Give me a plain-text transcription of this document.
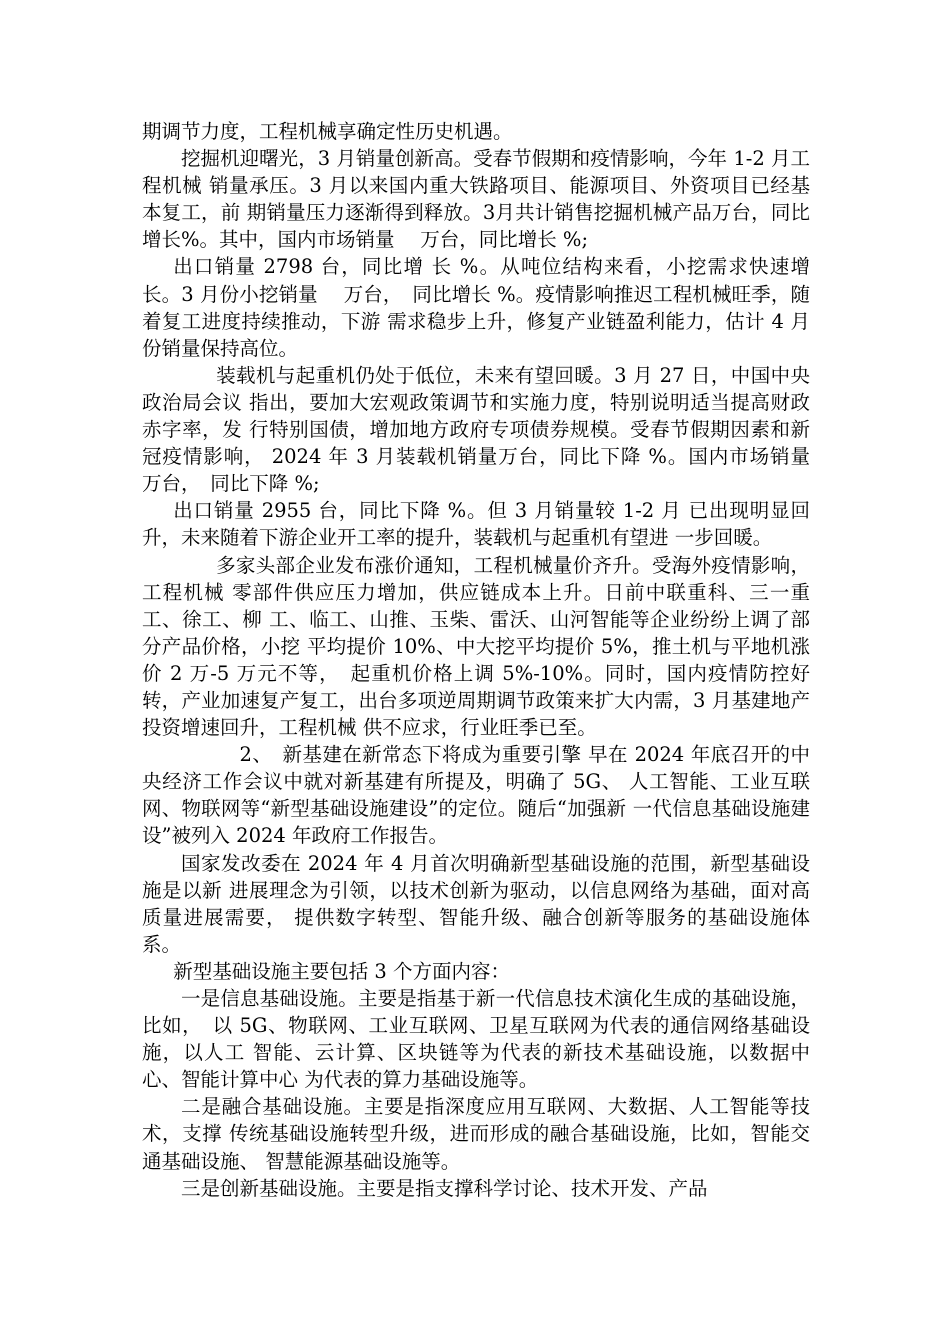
期调节力度，工程机械享确定性历史机遇。

挖掘机迎曙光，3 月销量创新高。受春节假期和疫情影响，今年 1-2 月工程机械 销量承压。3 月以来国内重大铁路项目、能源项目、外资项目已经基本复工，前 期销量压力逐渐得到释放。3月共计销售挖掘机械产品万台，同比增长%。其中，国内市场销量　 万台，同比增长 %;

出口销量 2798 台，同比增 长 %。从吨位结构来看，小挖需求快速增长。3 月份小挖销量　 万台，　同比增长 %。疫情影响推迟工程机械旺季，随着复工进度持续推动，下游 需求稳步上升，修复产业链盈利能力，估计 4 月份销量保持高位。

装载机与起重机仍处于低位，未来有望回暖。3 月 27 日，中国中央政治局会议 指出，要加大宏观政策调节和实施力度，特别说明适当提高财政赤字率，发 行特别国债，增加地方政府专项债券规模。受春节假期因素和新冠疫情影响， 2024 年 3 月装载机销量万台，同比下降 %。国内市场销量　 万台，　同比下降 %;

出口销量 2955 台，同比下降 %。但 3 月销量较 1-2 月 已出现明显回升，未来随着下游企业开工率的提升，装载机与起重机有望进 一步回暖。

多家头部企业发布涨价通知，工程机械量价齐升。受海外疫情影响，工程机械 零部件供应压力增加，供应链成本上升。日前中联重科、三一重工、徐工、柳 工、临工、山推、玉柴、雷沃、山河智能等企业纷纷上调了部分产品价格，小挖 平均提价 10%、中大挖平均提价 5%，推土机与平地机涨价 2 万-5 万元不等，　起重机价格上调 5%-10%。同时，国内疫情防控好转，产业加速复产复工，出台多项逆周期调节政策来扩大内需，3 月基建地产投资增速回升，工程机械 供不应求，行业旺季已至。

2、　新基建在新常态下将成为重要引擎 早在 2024 年底召开的中央经济工作会议中就对新基建有所提及，明确了 5G、 人工智能、工业互联网、物联网等“新型基础设施建设”的定位。随后“加强新 一代信息基础设施建设”被列入 2024 年政府工作报告。

国家发改委在 2024 年 4 月首次明确新型基础设施的范围，新型基础设施是以新 进展理念为引领，以技术创新为驱动，以信息网络为基础，面对高质量进展需要， 提供数字转型、智能升级、融合创新等服务的基础设施体系。

新型基础设施主要包括 3 个方面内容：

一是信息基础设施。主要是指基于新一代信息技术演化生成的基础设施，比如，　以 5G、物联网、工业互联网、卫星互联网为代表的通信网络基础设施，以人工 智能、云计算、区块链等为代表的新技术基础设施，以数据中心、智能计算中心 为代表的算力基础设施等。

二是融合基础设施。主要是指深度应用互联网、大数据、人工智能等技术，支撑 传统基础设施转型升级，进而形成的融合基础设施，比如，智能交通基础设施、 智慧能源基础设施等。

三是创新基础设施。主要是指支撑科学讨论、技术开发、产品
